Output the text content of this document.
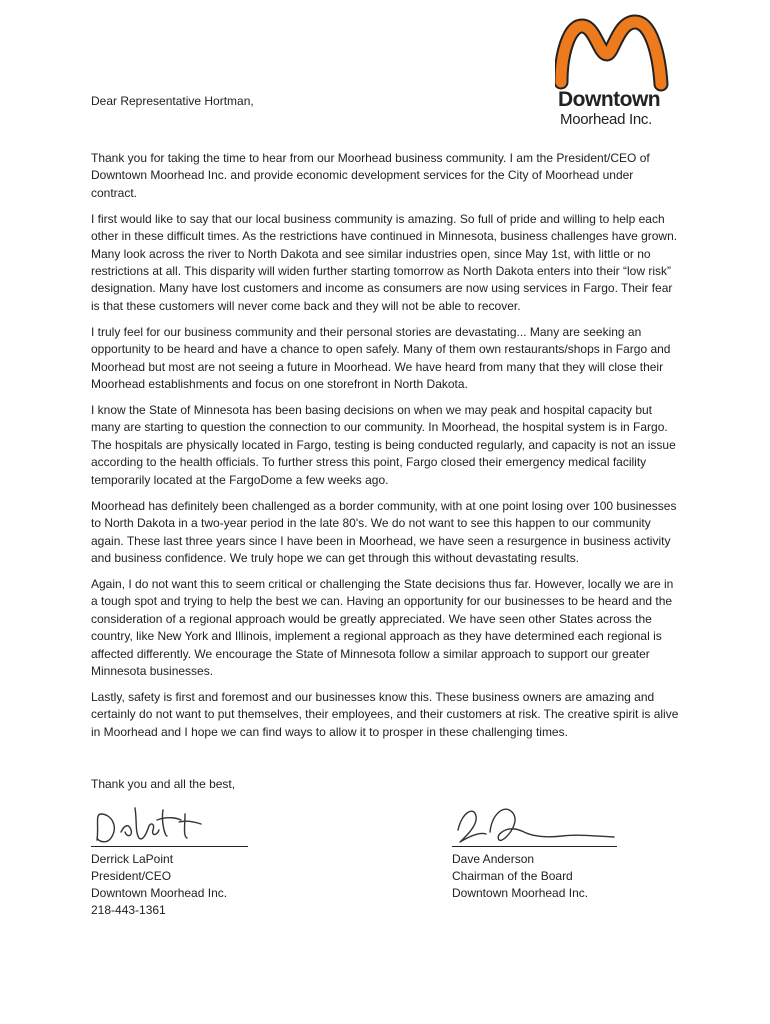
Downtown
Moorhead Inc.
Dear Representative Hortman,

Thank you for taking the time to hear from our Moorhead business community. I am the President/CEO of Downtown Moorhead Inc. and provide economic development services for the City of Moorhead under contract.

I first would like to say that our local business community is amazing. So full of pride and willing to help each other in these difficult times. As the restrictions have continued in Minnesota, business challenges have grown. Many look across the river to North Dakota and see similar industries open, since May 1st, with little or no restrictions at all. This disparity will widen further starting tomorrow as North Dakota enters into their “low risk” designation. Many have lost customers and income as consumers are now using services in Fargo. Their fear is that these customers will never come back and they will not be able to recover.

I truly feel for our business community and their personal stories are devastating... Many are seeking an opportunity to be heard and have a chance to open safely. Many of them own restaurants/shops in Fargo and Moorhead but most are not seeing a future in Moorhead. We have heard from many that they will close their Moorhead establishments and focus on one storefront in North Dakota.

I know the State of Minnesota has been basing decisions on when we may peak and hospital capacity but many are starting to question the connection to our community. In Moorhead, the hospital system is in Fargo. The hospitals are physically located in Fargo, testing is being conducted regularly, and capacity is not an issue according to the health officials. To further stress this point, Fargo closed their emergency medical facility temporarily located at the FargoDome a few weeks ago.

Moorhead has definitely been challenged as a border community, with at one point losing over 100 businesses to North Dakota in a two-year period in the late 80's. We do not want to see this happen to our community again. These last three years since I have been in Moorhead, we have seen a resurgence in business activity and business confidence. We truly hope we can get through this without devastating results.

Again, I do not want this to seem critical or challenging the State decisions thus far. However, locally we are in a tough spot and trying to help the best we can. Having an opportunity for our businesses to be heard and the consideration of a regional approach would be greatly appreciated. We have seen other States across the country, like New York and Illinois, implement a regional approach as they have determined each regional is affected differently. We encourage the State of Minnesota follow a similar approach to support our greater Minnesota businesses.

Lastly, safety is first and foremost and our businesses know this. These business owners are amazing and certainly do not want to put themselves, their employees, and their customers at risk. The creative spirit is alive in Moorhead and I hope we can find ways to allow it to prosper in these challenging times.

Thank you and all the best,
Derrick LaPoint
President/CEO
Downtown Moorhead Inc.
218-443-1361
Dave Anderson
Chairman of the Board
Downtown Moorhead Inc.
